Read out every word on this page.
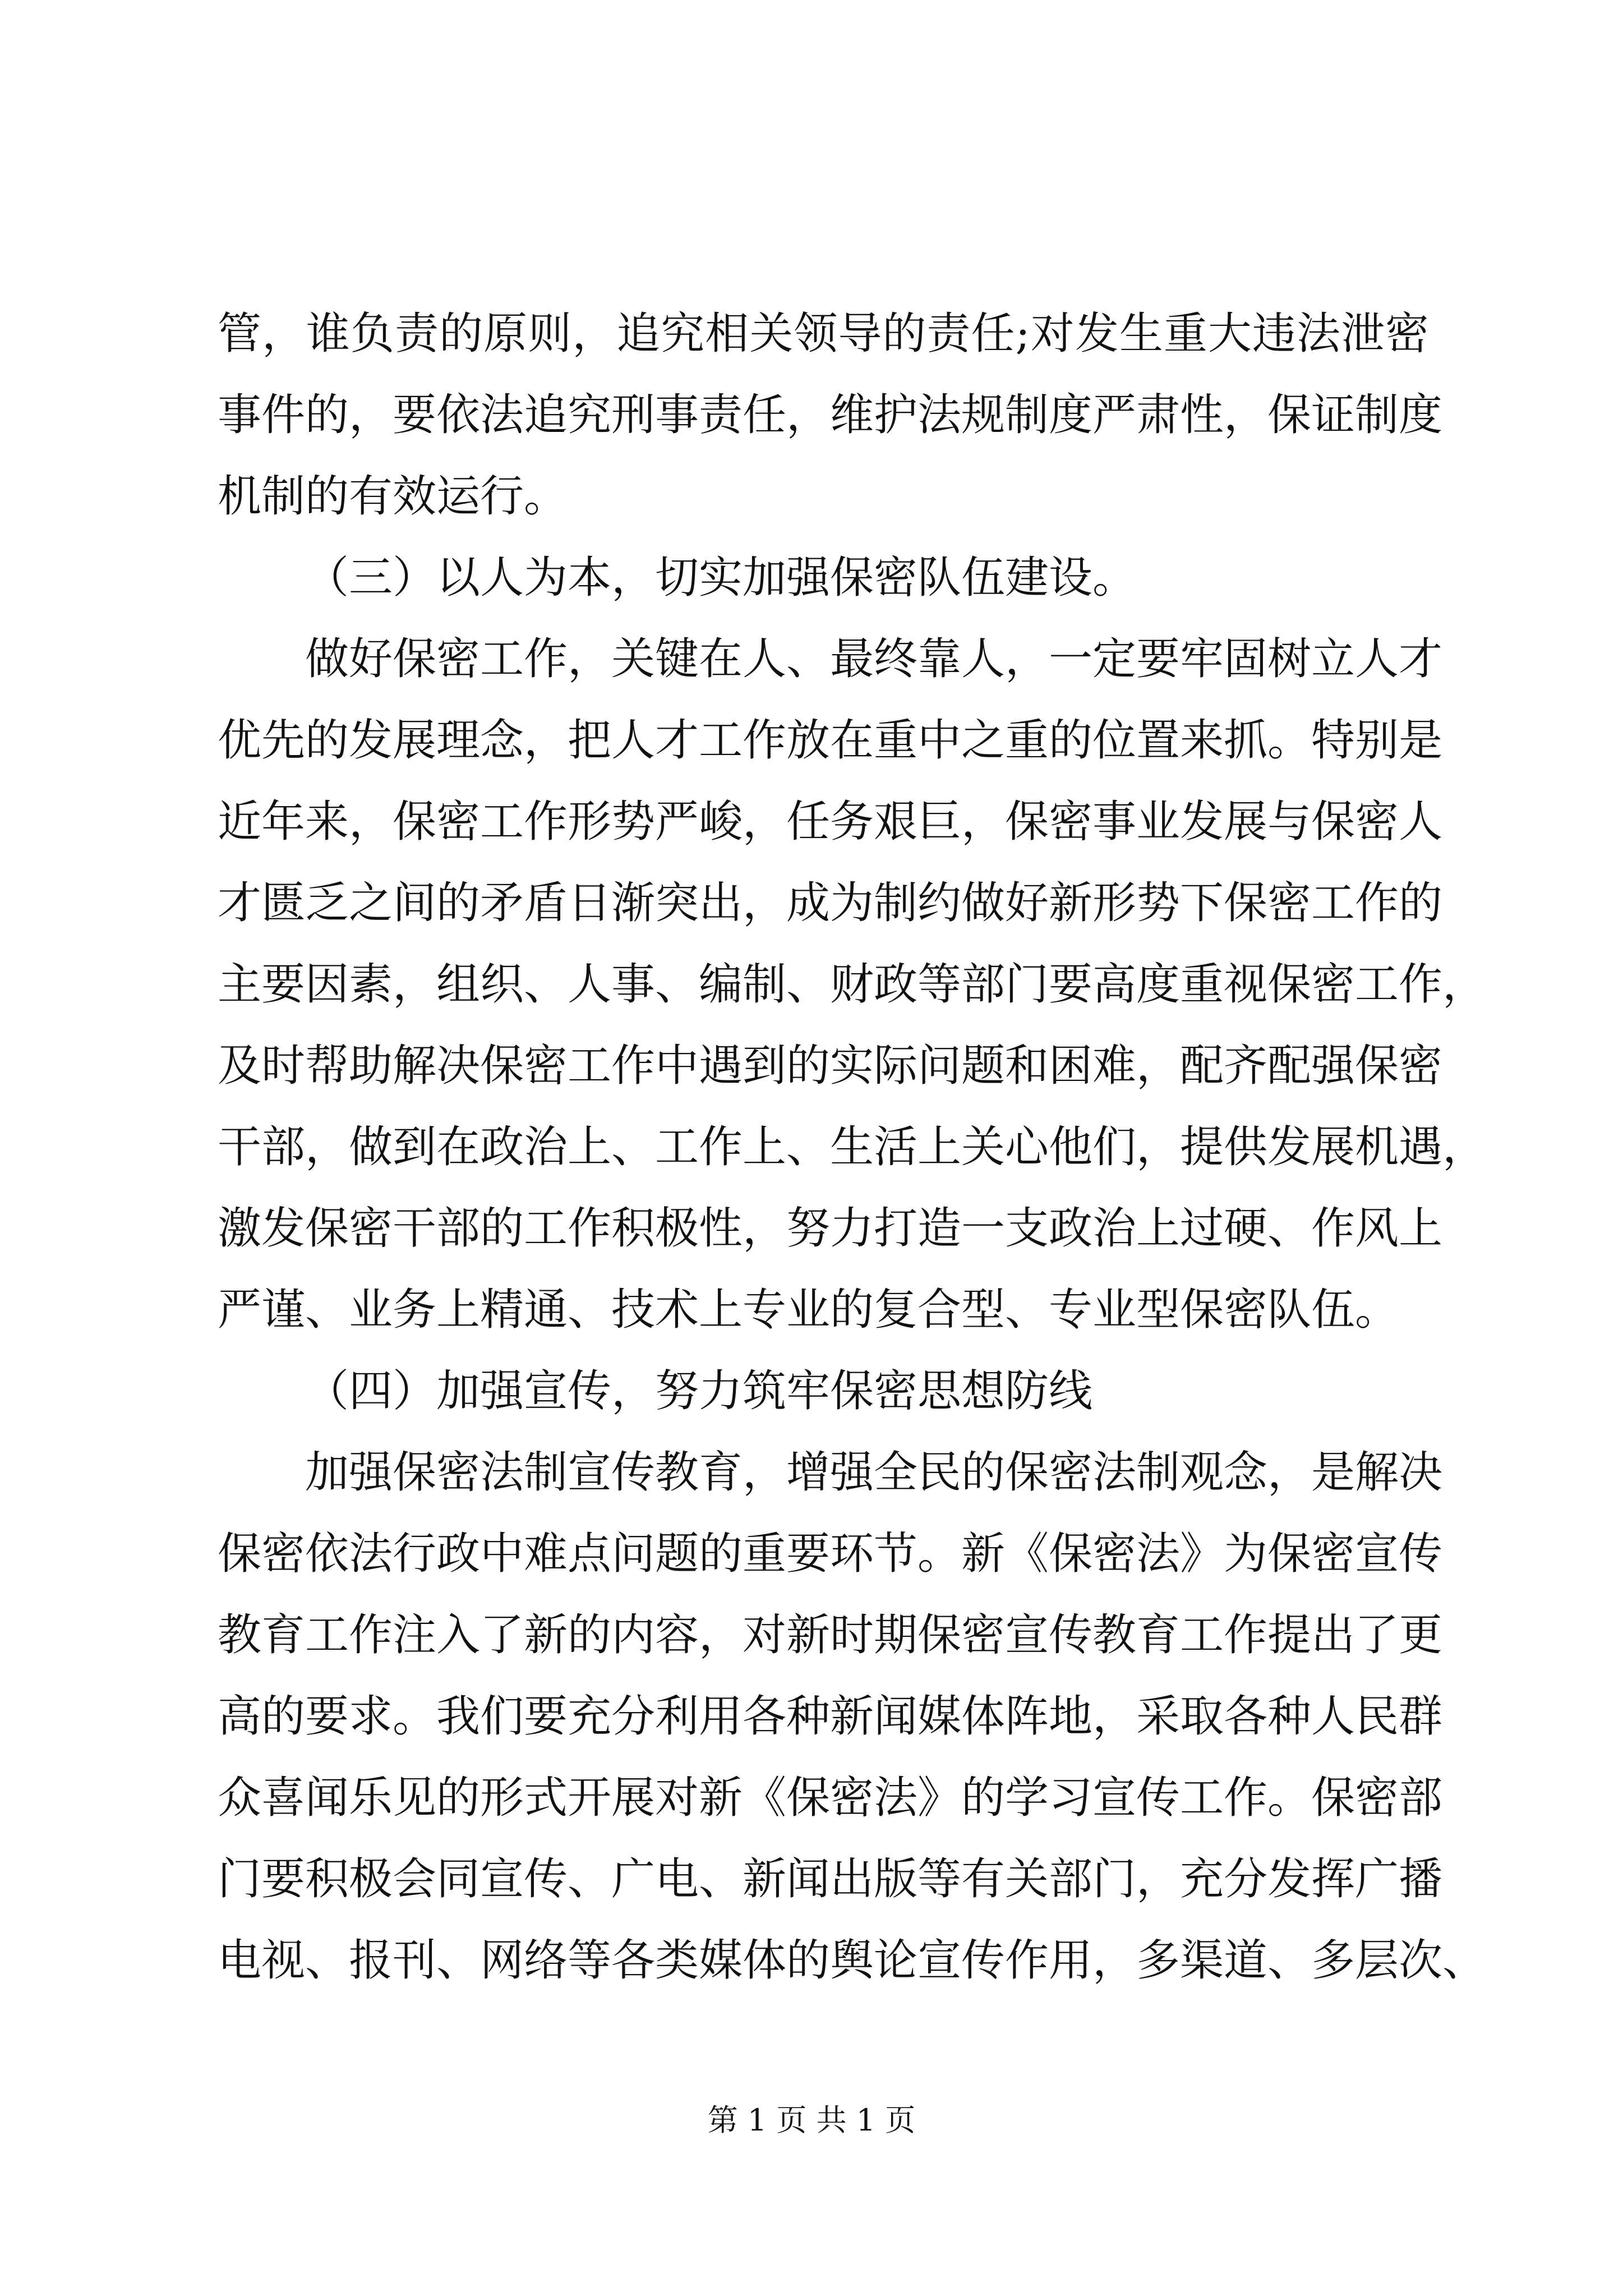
管，谁负责的原则，追究相关领导的责任;对发生重大违法泄密
事件的，要依法追究刑事责任，维护法规制度严肃性，保证制度
机制的有效运行。
（三）以人为本，切实加强保密队伍建设。
做好保密工作，关键在人、最终靠人，一定要牢固树立人才
优先的发展理念，把人才工作放在重中之重的位置来抓。特别是
近年来，保密工作形势严峻，任务艰巨，保密事业发展与保密人
才匮乏之间的矛盾日渐突出，成为制约做好新形势下保密工作的
主要因素，组织、人事、编制、财政等部门要高度重视保密工作，
及时帮助解决保密工作中遇到的实际问题和困难，配齐配强保密
干部，做到在政治上、工作上、生活上关心他们，提供发展机遇，
激发保密干部的工作积极性，努力打造一支政治上过硬、作风上
严谨、业务上精通、技术上专业的复合型、专业型保密队伍。
（四）加强宣传，努力筑牢保密思想防线
加强保密法制宣传教育，增强全民的保密法制观念，是解决
保密依法行政中难点问题的重要环节。新《保密法》为保密宣传
教育工作注入了新的内容，对新时期保密宣传教育工作提出了更
高的要求。我们要充分利用各种新闻媒体阵地，采取各种人民群
众喜闻乐见的形式开展对新《保密法》的学习宣传工作。保密部
门要积极会同宣传、广电、新闻出版等有关部门，充分发挥广播
电视、报刊、网络等各类媒体的舆论宣传作用，多渠道、多层次、
第 1 页 共 1 页
